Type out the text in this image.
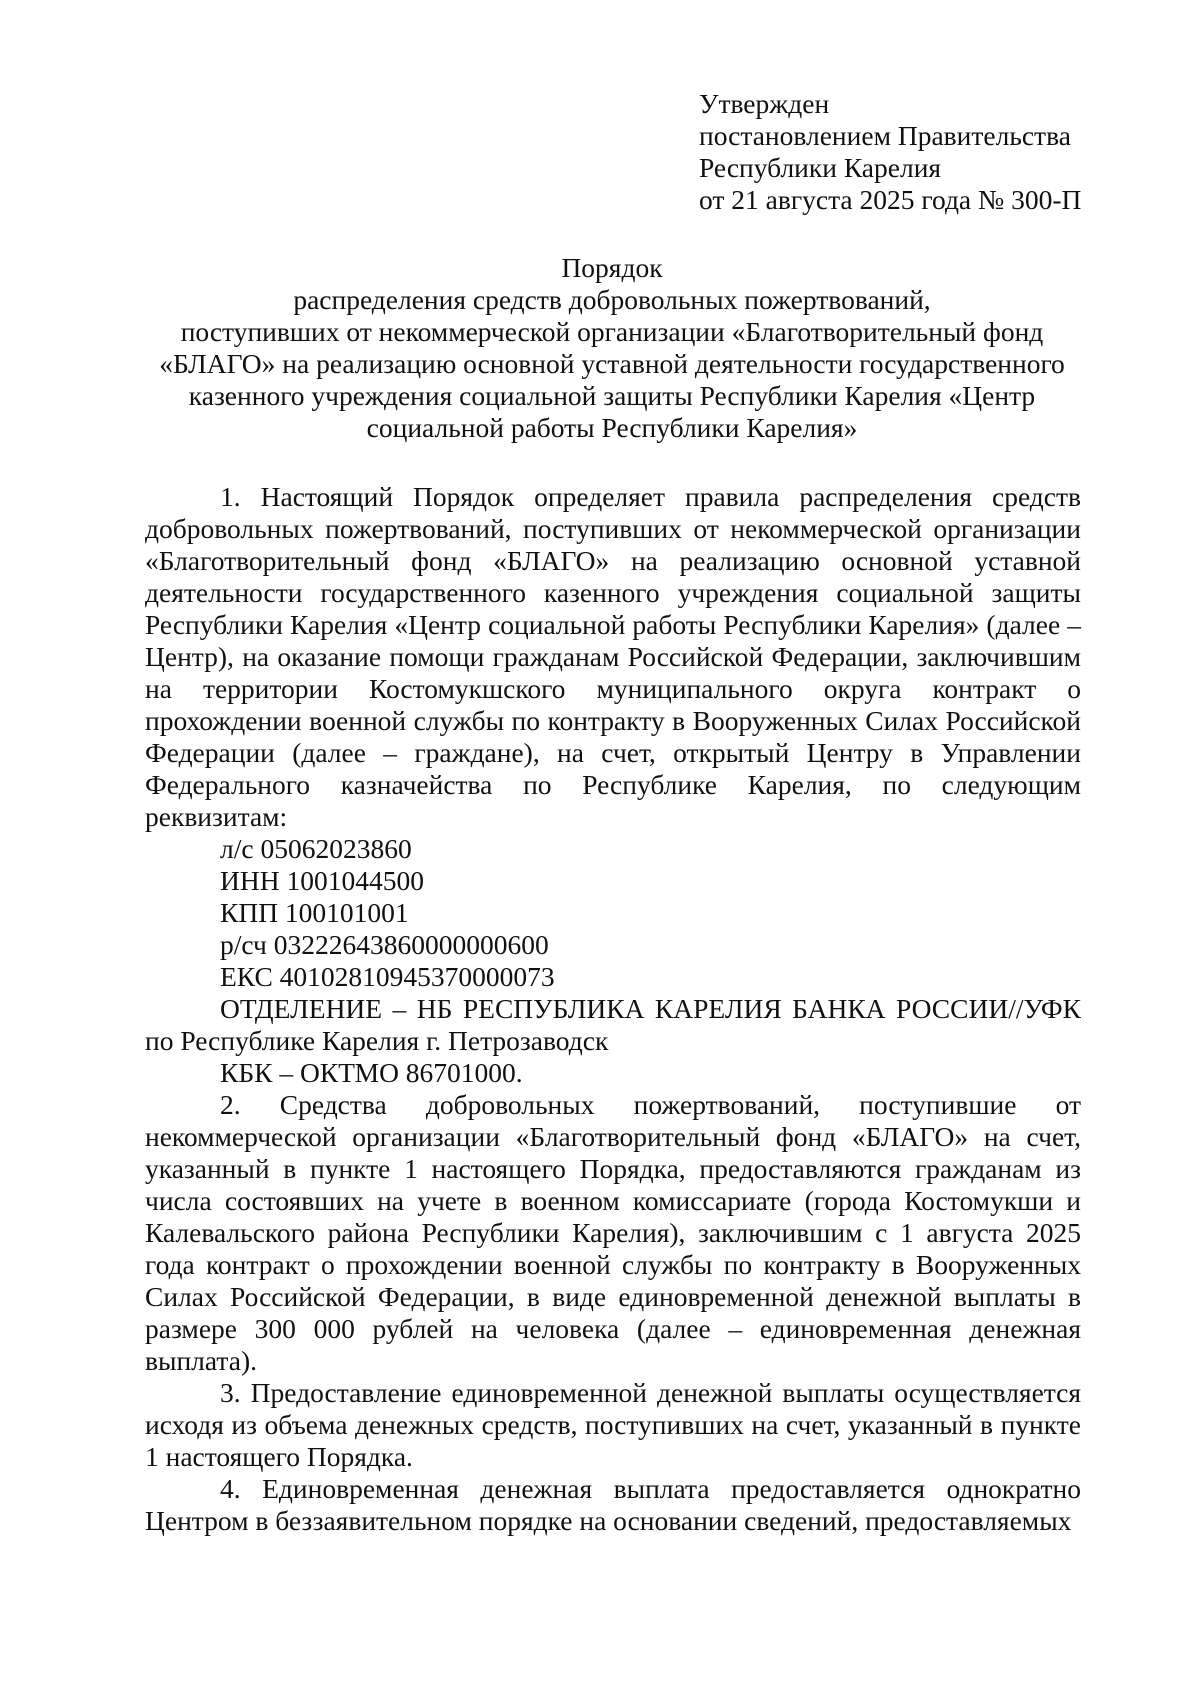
Утвержден
постановлением Правительства
Республики Карелия
от 21 августа 2025 года № 300-П
Порядок
распределения средств добровольных пожертвований,
поступивших от некоммерческой организации «Благотворительный фонд
«БЛАГО» на реализацию основной уставной деятельности государственного
казенного учреждения социальной защиты Республики Карелия «Центр
социальной работы Республики Карелия»
1. Настоящий Порядок определяет правила распределения средств добровольных пожертвований, поступивших от некоммерческой организации «Благотворительный фонд «БЛАГО» на реализацию основной уставной деятельности государственного казенного учреждения социальной защиты Республики Карелия «Центр социальной работы Республики Карелия» (далее – Центр), на оказание помощи гражданам Российской Федерации, заключившим на территории Костомукшского муниципального округа контракт о прохождении военной службы по контракту в Вооруженных Силах Российской Федерации (далее – граждане), на счет, открытый Центру в Управлении Федерального казначейства по Республике Карелия, по следующим реквизитам:
л/с 05062023860
ИНН 1001044500
КПП 100101001
р/сч 03222643860000000600
ЕКС 40102810945370000073
ОТДЕЛЕНИЕ – НБ РЕСПУБЛИКА КАРЕЛИЯ БАНКА РОССИИ//УФК по Республике Карелия г. Петрозаводск
КБК – ОКТМО 86701000.
2. Средства добровольных пожертвований, поступившие от некоммерческой организации «Благотворительный фонд «БЛАГО» на счет, указанный в пункте 1 настоящего Порядка, предоставляются гражданам из числа состоявших на учете в военном комиссариате (города Костомукши и Калевальского района Республики Карелия), заключившим с 1 августа 2025 года контракт о прохождении военной службы по контракту в Вооруженных Силах Российской Федерации, в виде единовременной денежной выплаты в размере 300 000 рублей на человека (далее – единовременная денежная выплата).
3. Предоставление единовременной денежной выплаты осуществляется исходя из объема денежных средств, поступивших на счет, указанный в пункте 1 настоящего Порядка.
4. Единовременная денежная выплата предоставляется однократно Центром в беззаявительном порядке на основании сведений, предоставляемых
